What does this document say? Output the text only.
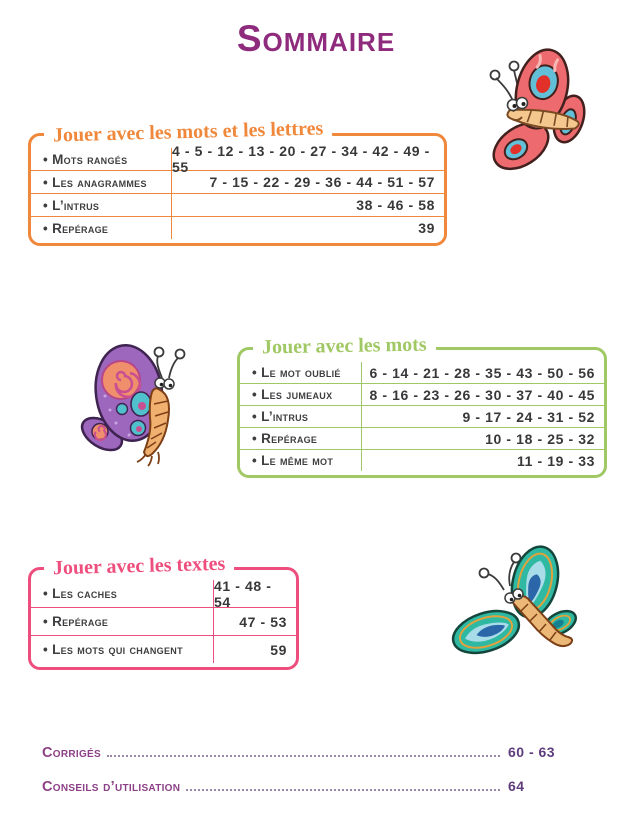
Sommaire
Jouer avec les mots et les lettres
• Mots rangés	4 - 5 - 12 - 13 - 20 - 27 - 34 - 42 - 49 - 55
• Les anagrammes	7 - 15 - 22 - 29 - 36 - 44 - 51 - 57
• L’intrus	38 - 46 - 58
• Repérage	39
Jouer avec les mots
• Le mot oublié	6 - 14 - 21 - 28 - 35 - 43 - 50 - 56
• Les jumeaux	8 - 16 - 23 - 26 - 30 - 37 - 40 - 45
• L’intrus	9 - 17 - 24 - 31 - 52
• Repérage	10 - 18 - 25 - 32
• Le même mot	11 - 19 - 33
Jouer avec les textes
• Les caches	41 - 48 - 54
• Repérage	47 - 53
• Les mots qui changent	59
Corrigés	60 - 63
Conseils d’utilisation	64
